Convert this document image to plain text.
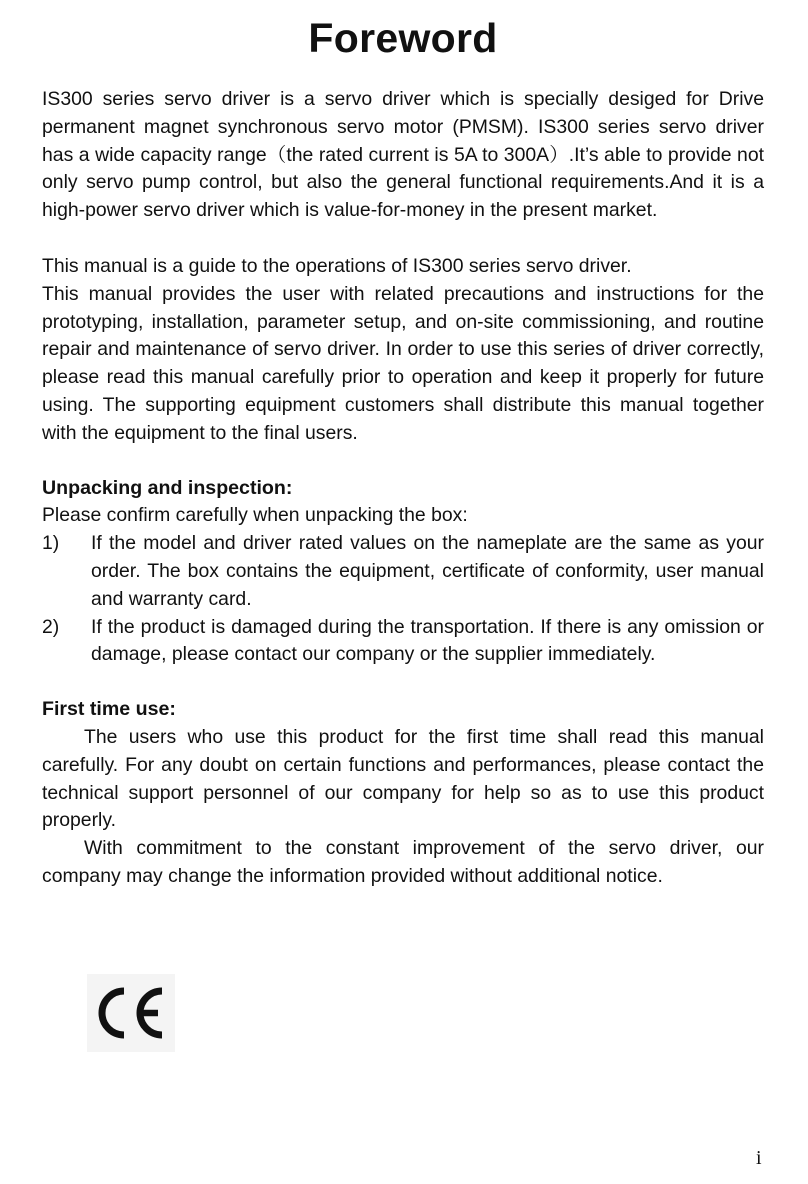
Foreword

IS300 series servo driver is a servo driver which is specially desiged for Drive permanent magnet synchronous servo motor (PMSM). IS300 series servo driver has a wide capacity range（the rated current is 5A to 300A）.It’s able to provide not only servo pump control, but also the general functional requirements.And it is a high-power servo driver which is value-for-money in the present market.

This manual is a guide to the operations of IS300 series servo driver.

This manual provides the user with related precautions and instructions for the prototyping, installation, parameter setup, and on-site commissioning, and routine repair and maintenance of servo driver. In order to use this series of driver correctly, please read this manual carefully prior to operation and keep it properly for future using. The supporting equipment customers shall distribute this manual together with the equipment to the final users.

Unpacking and inspection:

Please confirm carefully when unpacking the box:

1)	If the model and driver rated values on the nameplate are the same as your order. The box contains the equipment, certificate of conformity, user manual and warranty card.
2)	If the product is damaged during the transportation. If there is any omission or damage, please contact our company or the supplier immediately.
First time use:

The users who use this product for the first time shall read this manual carefully. For any doubt on certain functions and performances, please contact the technical support personnel of our company for help so as to use this product properly.

With commitment to the constant improvement of the servo driver, our company may change the information provided without additional notice.

i
